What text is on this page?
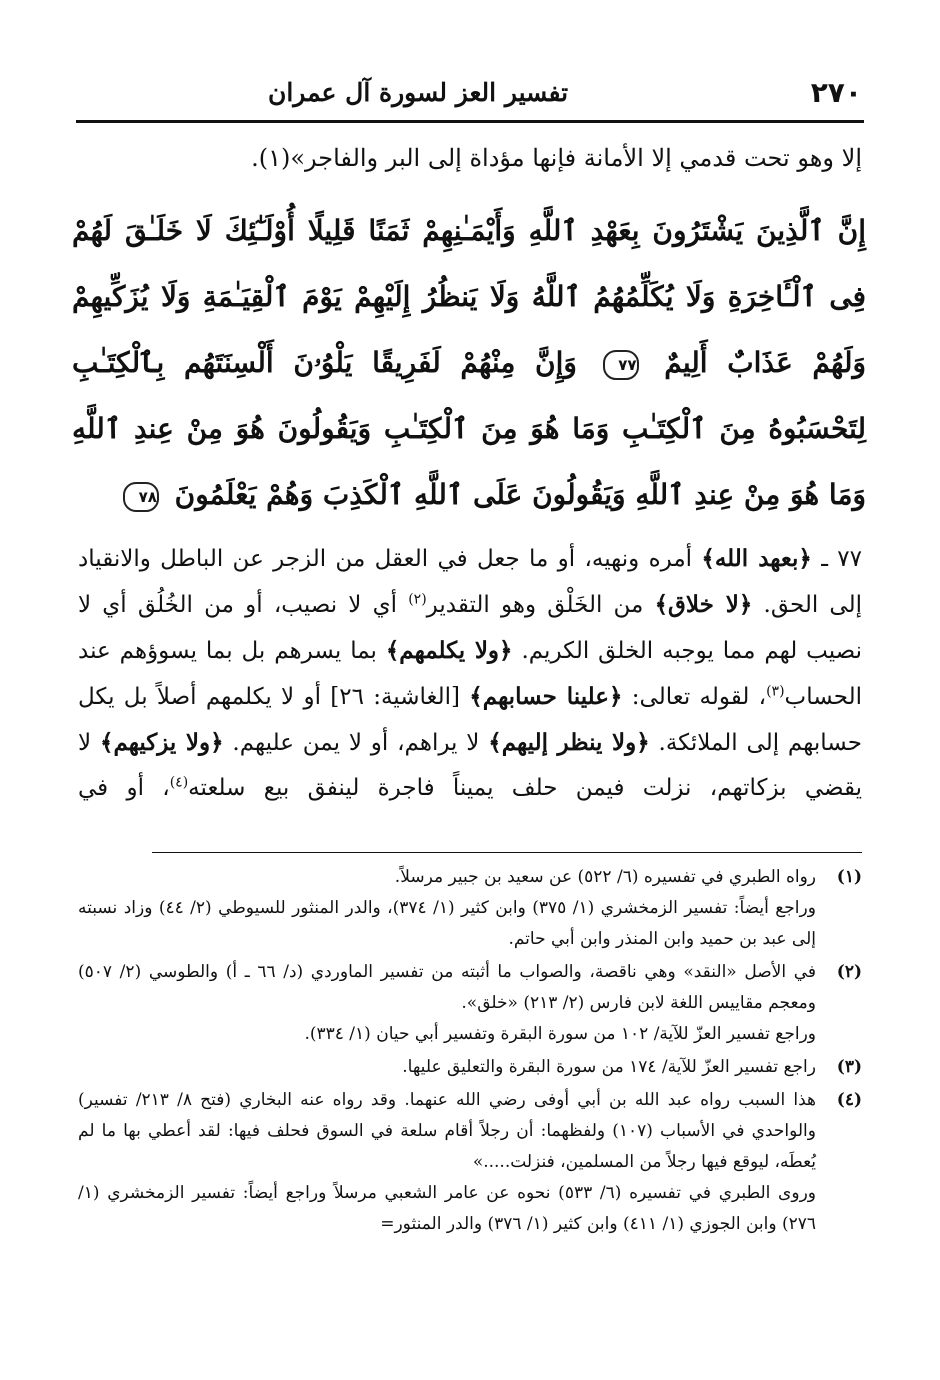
٢٧٠
تفسير العز لسورة آل عمران
إلا وهو تحت قدمي إلا الأمانة فإنها مؤداة إلى البر والفاجر»(١).
إِنَّ ٱلَّذِينَ يَشْتَرُونَ بِعَهْدِ ٱللَّهِ وَأَيْمَـٰنِهِمْ ثَمَنًا قَلِيلًا أُوْلَـٰٓئِكَ لَا خَلَـٰقَ لَهُمْ فِى ٱلْـَٔاخِرَةِ وَلَا يُكَلِّمُهُمُ ٱللَّهُ وَلَا يَنظُرُ إِلَيْهِمْ يَوْمَ ٱلْقِيَـٰمَةِ وَلَا يُزَكِّيهِمْ وَلَهُمْ عَذَابٌ أَلِيمٌ ٧٧ وَإِنَّ مِنْهُمْ لَفَرِيقًا يَلْوُۥنَ أَلْسِنَتَهُم بِٱلْكِتَـٰبِ لِتَحْسَبُوهُ مِنَ ٱلْكِتَـٰبِ وَمَا هُوَ مِنَ ٱلْكِتَـٰبِ وَيَقُولُونَ هُوَ مِنْ عِندِ ٱللَّهِ وَمَا هُوَ مِنْ عِندِ ٱللَّهِ وَيَقُولُونَ عَلَى ٱللَّهِ ٱلْكَذِبَ وَهُمْ يَعْلَمُونَ ٧٨
٧٧ ـ ﴿بعهد الله﴾ أمره ونهيه، أو ما جعل في العقل من الزجر عن الباطل والانقياد إلى الحق. ﴿لا خلاق﴾ من الخَلْق وهو التقدير$^{(٢)}$ أي لا نصيب، أو من الخُلُق أي لا نصيب لهم مما يوجبه الخلق الكريم. ﴿ولا يكلمهم﴾ بما يسرهم بل بما يسوؤهم عند الحساب$^{(٣)}$، لقوله تعالى: ﴿علينا حسابهم﴾ [الغاشية: ٢٦] أو لا يكلمهم أصلاً بل يكل حسابهم إلى الملائكة. ﴿ولا ينظر إليهم﴾ لا يراهم، أو لا يمن عليهم. ﴿ولا يزكيهم﴾ لا يقضي بزكاتهم، نزلت فيمن حلف يميناً فاجرة لينفق بيع سلعته$^{(٤)}$، أو في
(١)
رواه الطبري في تفسيره (٦/ ٥٢٢) عن سعيد بن جبير مرسلاً.
وراجع أيضاً: تفسير الزمخشري (١/ ٣٧٥) وابن كثير (١/ ٣٧٤)، والدر المنثور للسيوطي (٢/ ٤٤) وزاد نسبته إلى عبد بن حميد وابن المنذر وابن أبي حاتم.
(٢)
في الأصل «النقد» وهي ناقصة، والصواب ما أثبته من تفسير الماوردي (د/ ٦٦ ـ أ) والطوسي (٢/ ٥٠٧) ومعجم مقاييس اللغة لابن فارس (٢/ ٢١٣) «خلق».
وراجع تفسير العزّ للآية/ ١٠٢ من سورة البقرة وتفسير أبي حيان (١/ ٣٣٤).
(٣)
راجع تفسير العزّ للآية/ ١٧٤ من سورة البقرة والتعليق عليها.
(٤)
هذا السبب رواه عبد الله بن أبي أوفى رضي الله عنهما. وقد رواه عنه البخاري (فتح ٨/ ٢١٣/ تفسير) والواحدي في الأسباب (١٠٧) ولفظهما: أن رجلاً أقام سلعة في السوق فحلف فيها: لقد أعطي بها ما لم يُعطَه، ليوقع فيها رجلاً من المسلمين، فنزلت.....»
وروى الطبري في تفسيره (٦/ ٥٣٣) نحوه عن عامر الشعبي مرسلاً وراجع أيضاً: تفسير الزمخشري (١/ ٢٧٦) وابن الجوزي (١/ ٤١١) وابن كثير (١/ ٣٧٦) والدر المنثور=
